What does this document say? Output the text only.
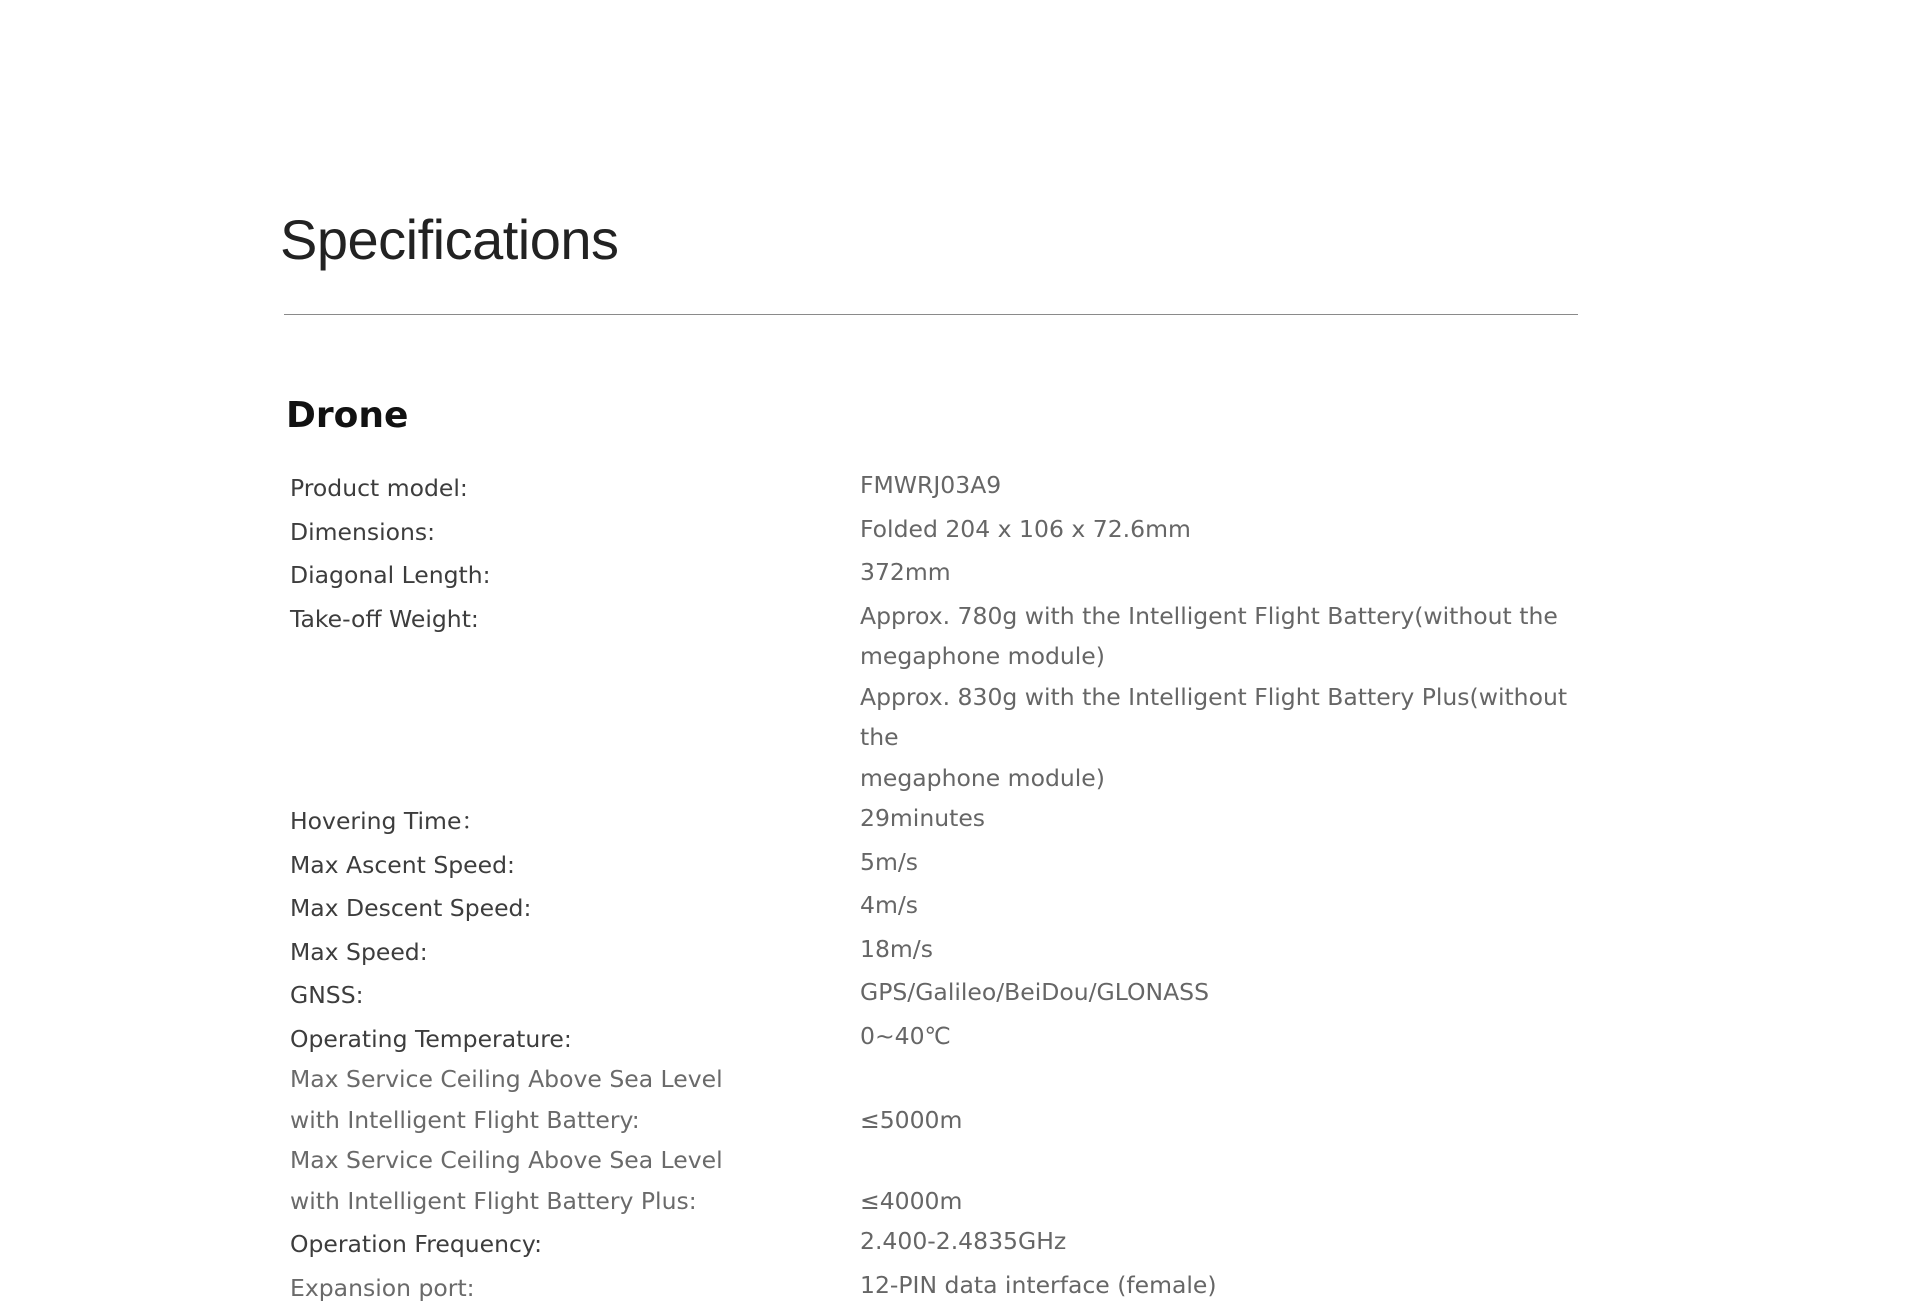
Specifications
Drone
Product model:	FMWRJ03A9
Dimensions:	Folded 204 x 106 x 72.6mm
Diagonal Length:	372mm
Take-off Weight:	Approx. 780g with the Intelligent Flight Battery(without the
megaphone module)
Approx. 830g with the Intelligent Flight Battery Plus(without the
megaphone module)
Hovering Time：	29minutes
Max Ascent Speed:	5m/s
Max Descent Speed:	4m/s
Max Speed:	18m/s
GNSS:	GPS/Galileo/BeiDou/GLONASS
Operating Temperature:	0~40℃
Max Service Ceiling Above Sea Level
with Intelligent Flight Battery:	≤5000m
Max Service Ceiling Above Sea Level
with Intelligent Flight Battery Plus:	≤4000m
Operation Frequency:	2.400-2.4835GHz
Expansion port:	12-PIN data interface (female)
